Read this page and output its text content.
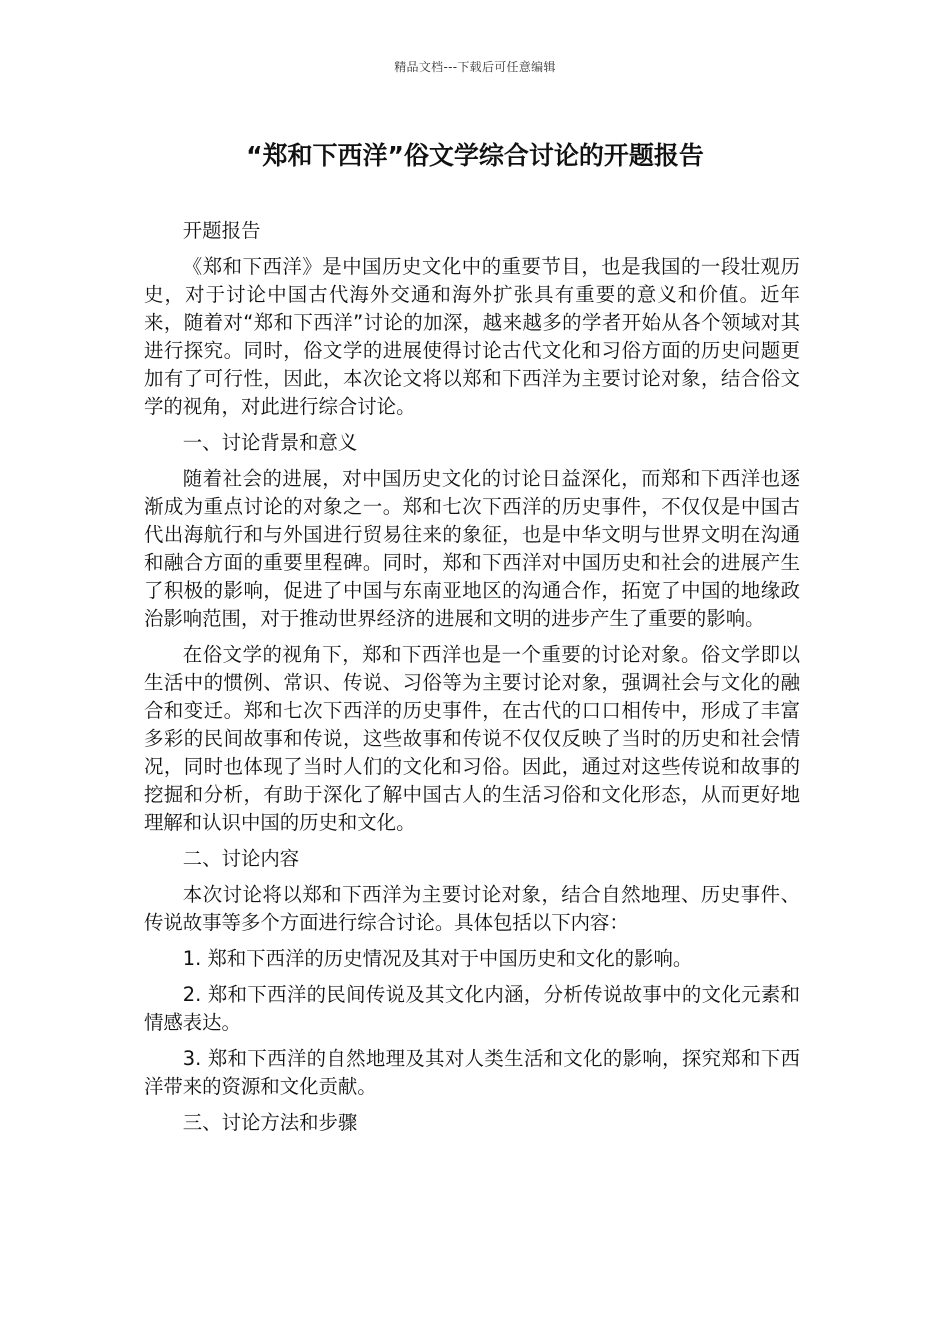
精品文档---下载后可任意编辑
“郑和下西洋”俗文学综合讨论的开题报告

开题报告

《郑和下西洋》是中国历史文化中的重要节目，也是我国的一段壮观历史，对于讨论中国古代海外交通和海外扩张具有重要的意义和价值。近年来，随着对“郑和下西洋”讨论的加深，越来越多的学者开始从各个领域对其进行探究。同时，俗文学的进展使得讨论古代文化和习俗方面的历史问题更加有了可行性，因此，本次论文将以郑和下西洋为主要讨论对象，结合俗文学的视角，对此进行综合讨论。

一、讨论背景和意义

随着社会的进展，对中国历史文化的讨论日益深化，而郑和下西洋也逐渐成为重点讨论的对象之一。郑和七次下西洋的历史事件，不仅仅是中国古代出海航行和与外国进行贸易往来的象征，也是中华文明与世界文明在沟通和融合方面的重要里程碑。同时，郑和下西洋对中国历史和社会的进展产生了积极的影响，促进了中国与东南亚地区的沟通合作，拓宽了中国的地缘政治影响范围，对于推动世界经济的进展和文明的进步产生了重要的影响。

在俗文学的视角下，郑和下西洋也是一个重要的讨论对象。俗文学即以生活中的惯例、常识、传说、习俗等为主要讨论对象，强调社会与文化的融合和变迁。郑和七次下西洋的历史事件，在古代的口口相传中，形成了丰富多彩的民间故事和传说，这些故事和传说不仅仅反映了当时的历史和社会情况，同时也体现了当时人们的文化和习俗。因此，通过对这些传说和故事的挖掘和分析，有助于深化了解中国古人的生活习俗和文化形态，从而更好地理解和认识中国的历史和文化。

二、讨论内容

本次讨论将以郑和下西洋为主要讨论对象，结合自然地理、历史事件、传说故事等多个方面进行综合讨论。具体包括以下内容：

1. 郑和下西洋的历史情况及其对于中国历史和文化的影响。

2. 郑和下西洋的民间传说及其文化内涵，分析传说故事中的文化元素和情感表达。

3. 郑和下西洋的自然地理及其对人类生活和文化的影响，探究郑和下西洋带来的资源和文化贡献。

三、讨论方法和步骤
